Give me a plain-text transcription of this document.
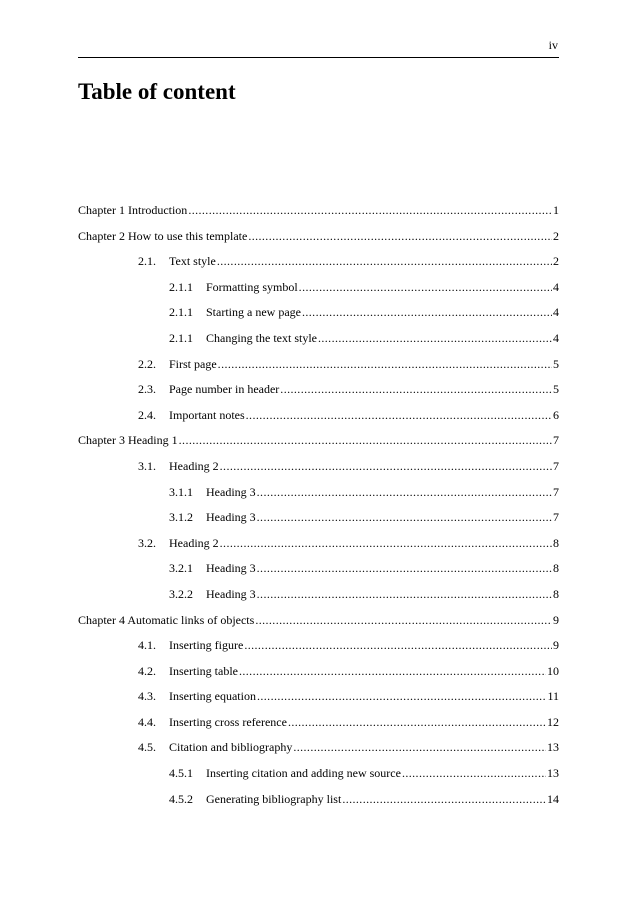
iv
Table of content
Chapter 1 Introduction .....	1
Chapter 2 How to use this template .....	2
2.1.	Text style .....	2
2.1.1	Formatting symbol .....	4
2.1.1	Starting a new page .....	4
2.1.1	Changing the text style .....	4
2.2.	First page .....	5
2.3.	Page number in header .....	5
2.4.	Important notes .....	6
Chapter 3 Heading 1 .....	7
3.1.	Heading 2 .....	7
3.1.1	Heading 3 .....	7
3.1.2	Heading 3 .....	7
3.2.	Heading 2 .....	8
3.2.1	Heading 3 .....	8
3.2.2	Heading 3 .....	8
Chapter 4 Automatic links of objects .....	9
4.1.	Inserting figure .....	9
4.2.	Inserting table .....	10
4.3.	Inserting equation .....	11
4.4.	Inserting cross reference .....	12
4.5.	Citation and bibliography .....	13
4.5.1	Inserting citation and adding new source .....	13
4.5.2	Generating bibliography list .....	14
